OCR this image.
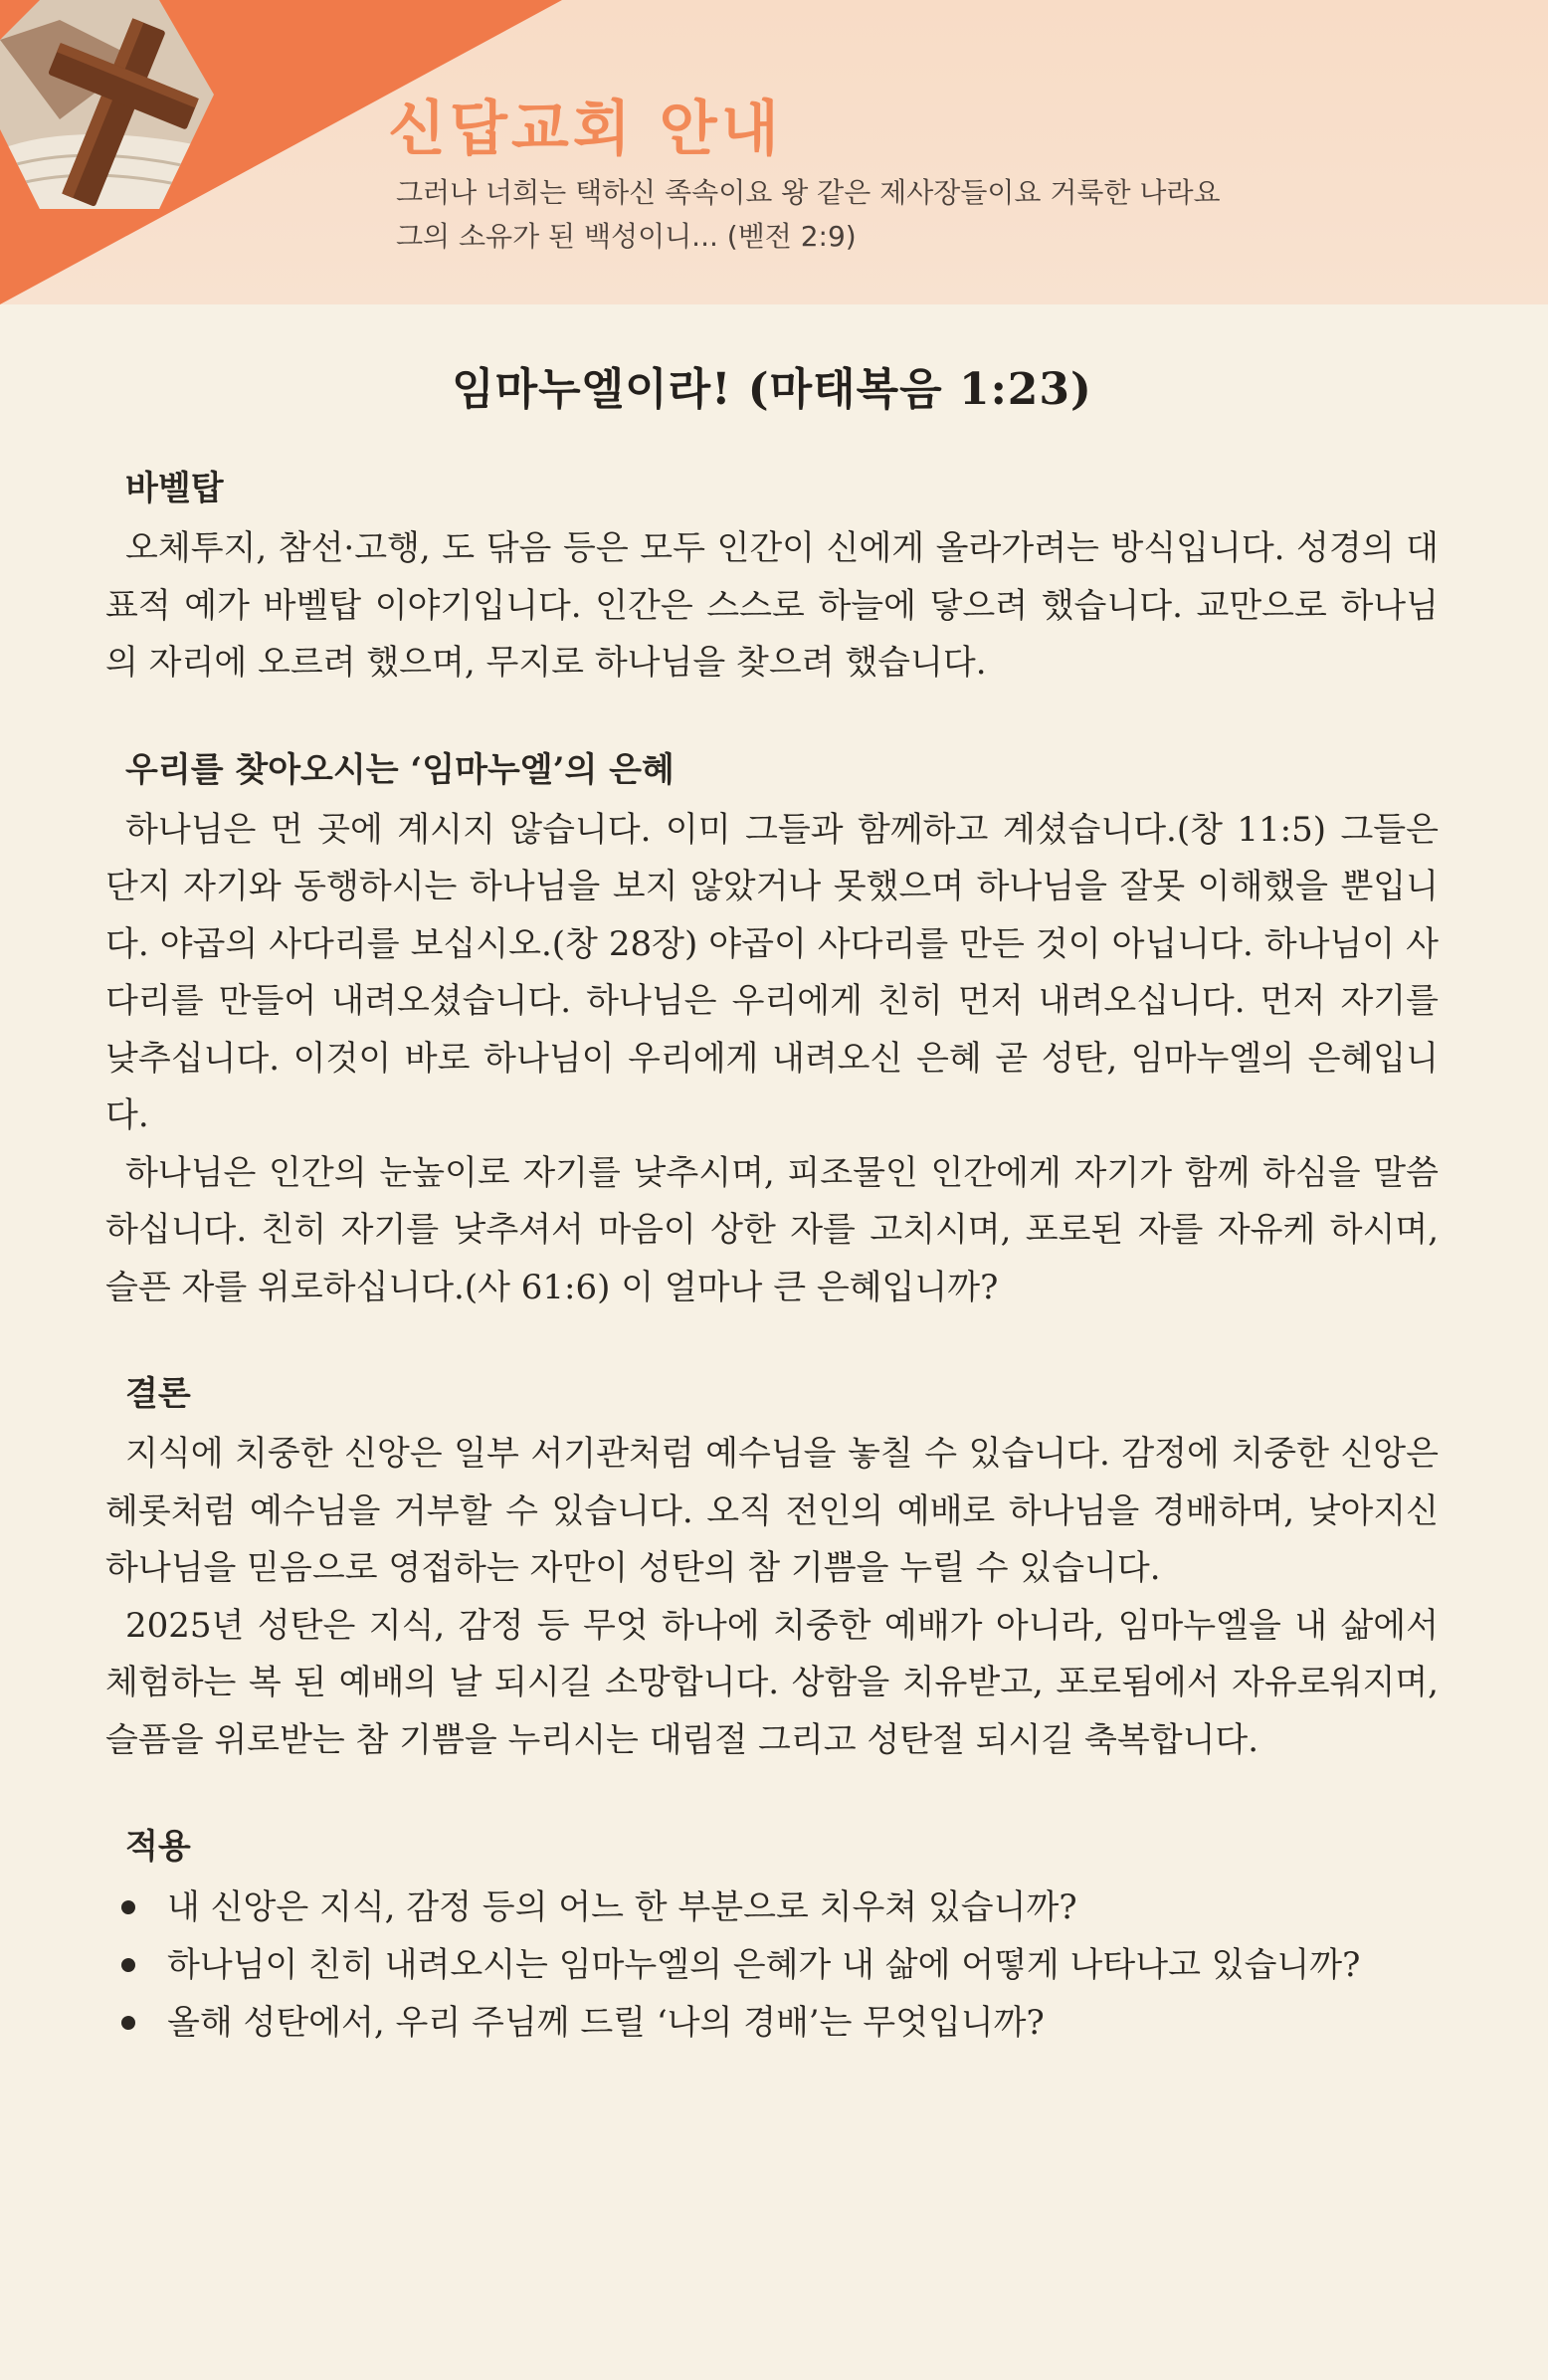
신답교회 안내
그러나 너희는 택하신 족속이요 왕 같은 제사장들이요 거룩한 나라요
그의 소유가 된 백성이니... (벧전 2:9)
임마누엘이라! (마태복음 1:23)
바벨탑

오체투지, 참선·고행, 도 닦음 등은 모두 인간이 신에게 올라가려는 방식입니다. 성경의 대표적 예가 바벨탑 이야기입니다. 인간은 스스로 하늘에 닿으려 했습니다. 교만으로 하나님의 자리에 오르려 했으며, 무지로 하나님을 찾으려 했습니다.

우리를 찾아오시는 ‘임마누엘’의 은혜

하나님은 먼 곳에 계시지 않습니다. 이미 그들과 함께하고 계셨습니다.(창 11:5) 그들은 단지 자기와 동행하시는 하나님을 보지 않았거나 못했으며 하나님을 잘못 이해했을 뿐입니다. 야곱의 사다리를 보십시오.(창 28장) 야곱이 사다리를 만든 것이 아닙니다. 하나님이 사다리를 만들어 내려오셨습니다. 하나님은 우리에게 친히 먼저 내려오십니다. 먼저 자기를 낮추십니다. 이것이 바로 하나님이 우리에게 내려오신 은혜 곧 성탄, 임마누엘의 은혜입니다.

하나님은 인간의 눈높이로 자기를 낮추시며, 피조물인 인간에게 자기가 함께 하심을 말씀하십니다. 친히 자기를 낮추셔서 마음이 상한 자를 고치시며, 포로된 자를 자유케 하시며, 슬픈 자를 위로하십니다.(사 61:6) 이 얼마나 큰 은혜입니까?

결론

지식에 치중한 신앙은 일부 서기관처럼 예수님을 놓칠 수 있습니다. 감정에 치중한 신앙은 헤롯처럼 예수님을 거부할 수 있습니다. 오직 전인의 예배로 하나님을 경배하며, 낮아지신 하나님을 믿음으로 영접하는 자만이 성탄의 참 기쁨을 누릴 수 있습니다.

2025년 성탄은 지식, 감정 등 무엇 하나에 치중한 예배가 아니라, 임마누엘을 내 삶에서 체험하는 복 된 예배의 날 되시길 소망합니다. 상함을 치유받고, 포로됨에서 자유로워지며, 슬픔을 위로받는 참 기쁨을 누리시는 대림절 그리고 성탄절 되시길 축복합니다.

적용
내 신앙은 지식, 감정 등의 어느 한 부분으로 치우쳐 있습니까?
하나님이 친히 내려오시는 임마누엘의 은혜가 내 삶에 어떻게 나타나고 있습니까?
올해 성탄에서, 우리 주님께 드릴 ‘나의 경배’는 무엇입니까?
